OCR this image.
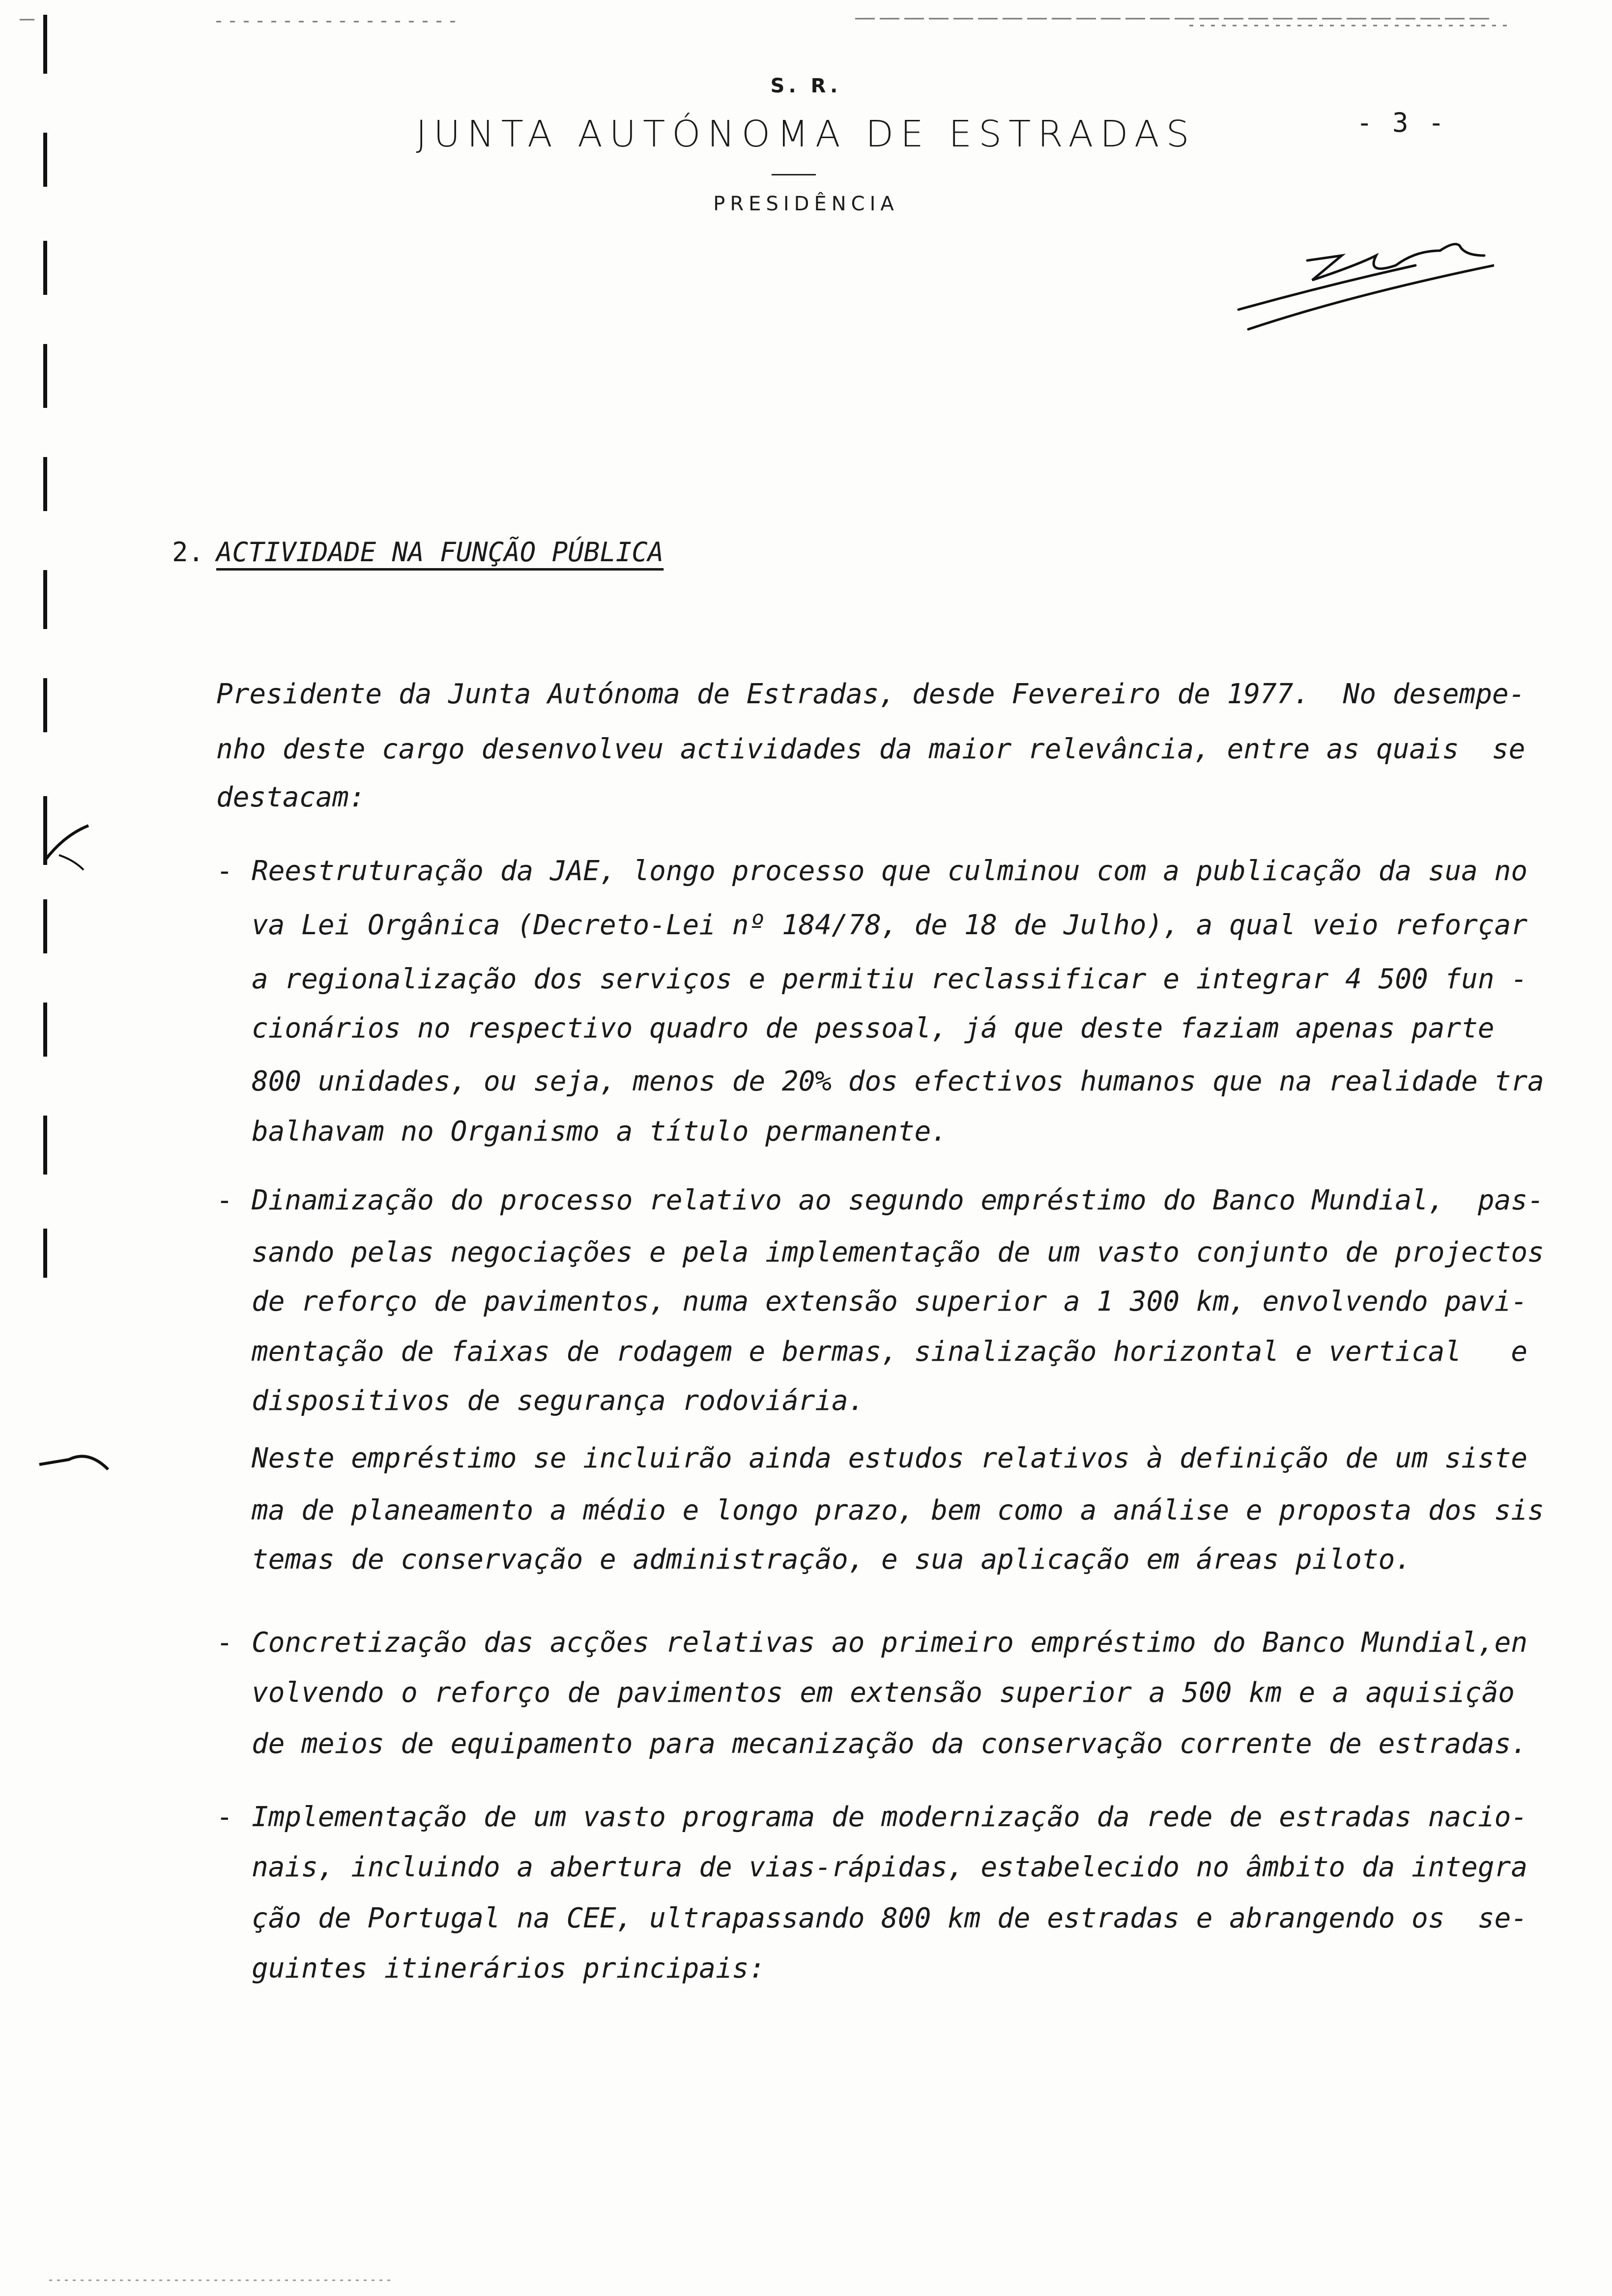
S. R.
JUNTA AUTÓNOMA DE ESTRADAS
PRESIDÊNCIA
- 3 -
2. ACTIVIDADE NA FUNÇÃO PÚBLICA
Presidente da Junta Autónoma de Estradas, desde Fevereiro de 1977.  No desempe-
nho deste cargo desenvolveu actividades da maior relevância, entre as quais  se
destacam:
- Reestruturação da JAE, longo processo que culminou com a publicação da sua no
va Lei Orgânica (Decreto-Lei nº 184/78, de 18 de Julho), a qual veio reforçar
a regionalização dos serviços e permitiu reclassificar e integrar 4 500 fun -
cionários no respectivo quadro de pessoal, já que deste faziam apenas parte
800 unidades, ou seja, menos de 20% dos efectivos humanos que na realidade tra
balhavam no Organismo a título permanente.
- Dinamização do processo relativo ao segundo empréstimo do Banco Mundial,  pas-
sando pelas negociações e pela implementação de um vasto conjunto de projectos
de reforço de pavimentos, numa extensão superior a 1 300 km, envolvendo pavi-
mentação de faixas de rodagem e bermas, sinalização horizontal e vertical   e
dispositivos de segurança rodoviária.
Neste empréstimo se incluirão ainda estudos relativos à definição de um siste
ma de planeamento a médio e longo prazo, bem como a análise e proposta dos sis
temas de conservação e administração, e sua aplicação em áreas piloto.
- Concretização das acções relativas ao primeiro empréstimo do Banco Mundial,en
volvendo o reforço de pavimentos em extensão superior a 500 km e a aquisição
de meios de equipamento para mecanização da conservação corrente de estradas.
- Implementação de um vasto programa de modernização da rede de estradas nacio-
nais, incluindo a abertura de vias-rápidas, estabelecido no âmbito da integra
ção de Portugal na CEE, ultrapassando 800 km de estradas e abrangendo os  se-
guintes itinerários principais:
